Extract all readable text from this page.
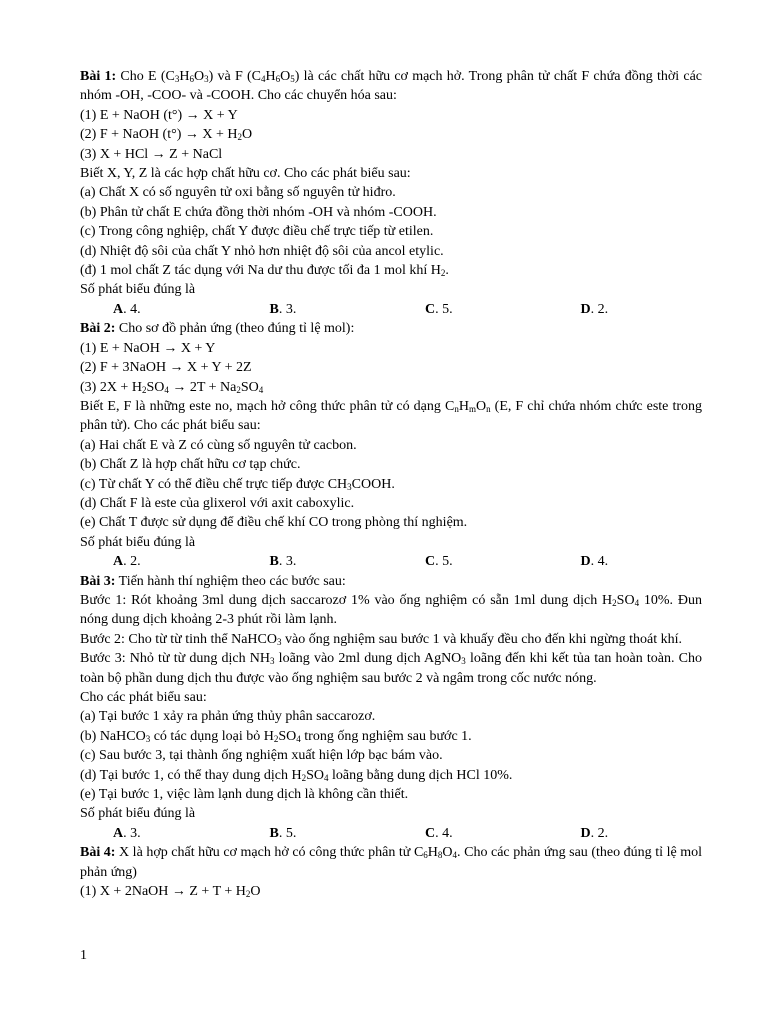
Bài 1: Cho E $(C_3H_6O_3)$ và F $(C_4H_6O_5)$ là các chất hữu cơ mạch hở. Trong phân tử chất F chứa đồng thời các nhóm -OH, -COO- và -COOH. Cho các chuyển hóa sau:
(1) E + NaOH (t°) → X + Y
(2) F + NaOH $(t^\circ) \to X + H_2O$
(3) X + HCl → Z + NaCl
Biết X, Y, Z là các hợp chất hữu cơ. Cho các phát biểu sau:
(a) Chất X có số nguyên tử oxi bằng số nguyên tử hiđro.
(b) Phân tử chất E chứa đồng thời nhóm -OH và nhóm -COOH.
(c) Trong công nghiệp, chất Y được điều chế trực tiếp từ etilen.
(d) Nhiệt độ sôi của chất Y nhỏ hơn nhiệt độ sôi của ancol etylic.
(đ) 1 mol chất Z tác dụng với Na dư thu được tối đa 1 mol khí $H_2$.
Số phát biểu đúng là
A. 4.	B. 3.	C. 5.	D. 2.
Bài 2: Cho sơ đồ phản ứng (theo đúng tỉ lệ mol):
(1) E + NaOH → X + Y
(2) F + 3NaOH → X + Y + 2Z
(3) $2X + H_2SO_4 \to 2T + Na_2SO_4$
Biết E, F là những este no, mạch hở công thức phân tử có dạng $C_nH_mO_n$ (E, F chỉ chứa nhóm chức este trong phân tử). Cho các phát biểu sau:
(a) Hai chất E và Z có cùng số nguyên tử cacbon.
(b) Chất Z là hợp chất hữu cơ tạp chức.
(c) Từ chất Y có thể điều chế trực tiếp được $CH_3COOH$.
(d) Chất F là este của glixerol với axit caboxylic.
(e) Chất T được sử dụng để điều chế khí CO trong phòng thí nghiệm.
Số phát biểu đúng là
A. 2.	B. 3.	C. 5.	D. 4.
Bài 3: Tiến hành thí nghiệm theo các bước sau:
Bước 1: Rót khoảng 3ml dung dịch saccarozơ 1% vào ống nghiệm có sẵn 1ml dung dịch $H_2SO_4$ 10%. Đun nóng dung dịch khoảng 2-3 phút rồi làm lạnh.
Bước 2: Cho từ từ tinh thể NaHCO$_3$ vào ống nghiệm sau bước 1 và khuấy đều cho đến khi ngừng thoát khí.
Bước 3: Nhỏ từ từ dung dịch $NH_3$ loãng vào 2ml dung dịch AgNO$_3$ loãng đến khi kết tủa tan hoàn toàn. Cho toàn bộ phần dung dịch thu được vào ống nghiệm sau bước 2 và ngâm trong cốc nước nóng.
Cho các phát biểu sau:
(a) Tại bước 1 xảy ra phản ứng thủy phân saccarozơ.
(b) NaHCO$_3$ có tác dụng loại bỏ $H_2SO_4$ trong ống nghiệm sau bước 1.
(c) Sau bước 3, tại thành ống nghiệm xuất hiện lớp bạc bám vào.
(d) Tại bước 1, có thể thay dung dịch $H_2SO_4$ loãng bằng dung dịch HCl 10%.
(e) Tại bước 1, việc làm lạnh dung dịch là không cần thiết.
Số phát biểu đúng là
A. 3.	B. 5.	C. 4.	D. 2.
Bài 4: X là hợp chất hữu cơ mạch hở có công thức phân tử $C_6H_8O_4$. Cho các phản ứng sau (theo đúng tỉ lệ mol phản ứng)
(1) X + 2NaOH → $Z + T + H_2O$
1
